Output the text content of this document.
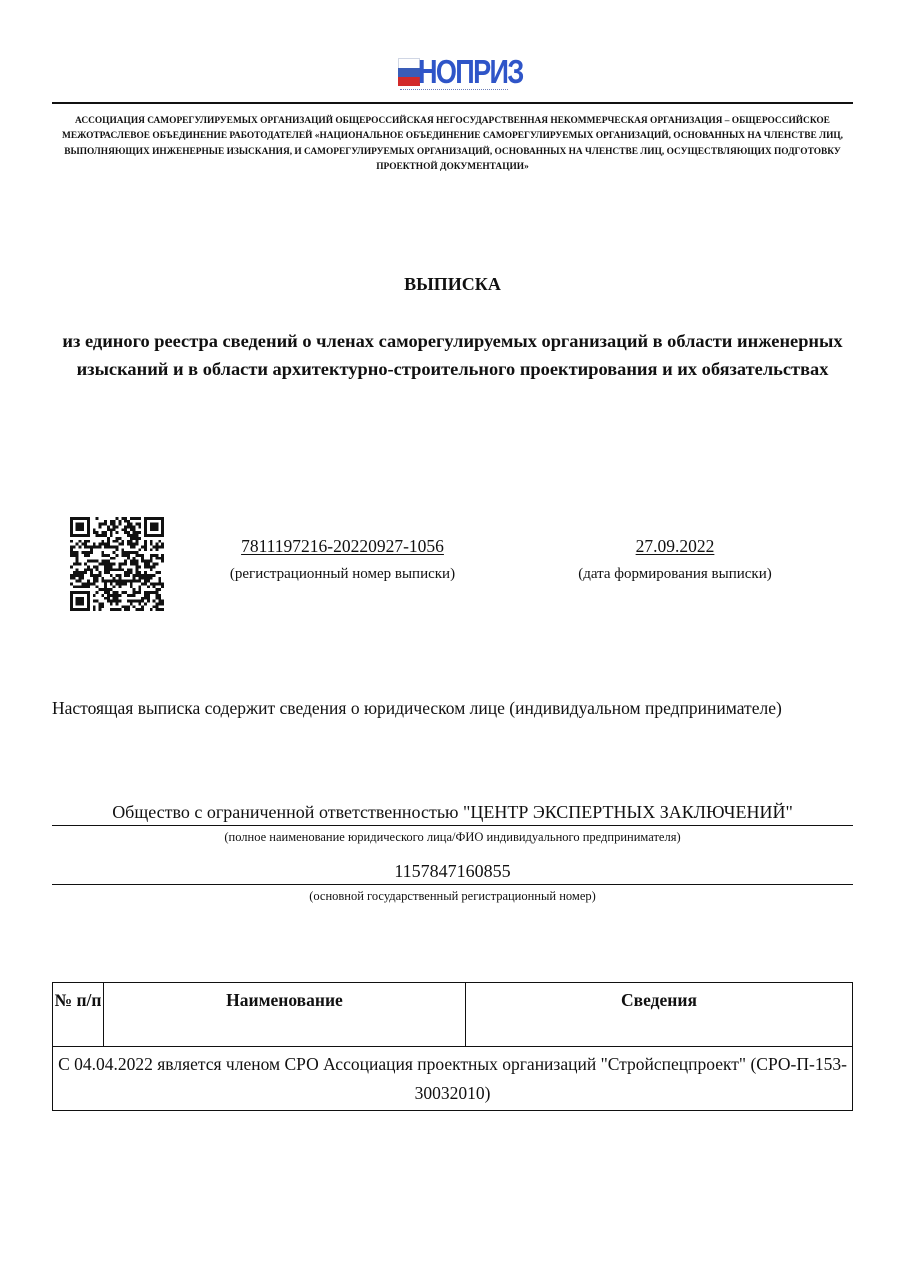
НОПРИЗ
АССОЦИАЦИЯ САМОРЕГУЛИРУЕМЫХ ОРГАНИЗАЦИЙ ОБЩЕРОССИЙСКАЯ НЕГОСУДАРСТВЕННАЯ НЕКОММЕРЧЕСКАЯ ОРГАНИЗАЦИЯ – ОБЩЕРОССИЙСКОЕ МЕЖОТРАСЛЕВОЕ ОБЪЕДИНЕНИЕ РАБОТОДАТЕЛЕЙ «НАЦИОНАЛЬНОЕ ОБЪЕДИНЕНИЕ САМОРЕГУЛИРУЕМЫХ ОРГАНИЗАЦИЙ, ОСНОВАННЫХ НА ЧЛЕНСТВЕ ЛИЦ, ВЫПОЛНЯЮЩИХ ИНЖЕНЕРНЫЕ ИЗЫСКАНИЯ, И САМОРЕГУЛИРУЕМЫХ ОРГАНИЗАЦИЙ, ОСНОВАННЫХ НА ЧЛЕНСТВЕ ЛИЦ, ОСУЩЕСТВЛЯЮЩИХ ПОДГОТОВКУ ПРОЕКТНОЙ ДОКУМЕНТАЦИИ»
ВЫПИСКА
из единого реестра сведений о членах саморегулируемых организаций в области инженерных изысканий и в области архитектурно-строительного проектирования и их обязательствах
7811197216-20220927-1056
(регистрационный номер выписки)
27.09.2022
(дата формирования выписки)
Настоящая выписка содержит сведения о юридическом лице (индивидуальном предпринимателе)
Общество с ограниченной ответственностью "ЦЕНТР ЭКСПЕРТНЫХ ЗАКЛЮЧЕНИЙ"
(полное наименование юридического лица/ФИО индивидуального предпринимателя)
1157847160855
(основной государственный регистрационный номер)
№ п/п	Наименование	Сведения
С 04.04.2022 является членом СРО Ассоциация проектных организаций "Стройспецпроект" (СРО-П-153-30032010)
